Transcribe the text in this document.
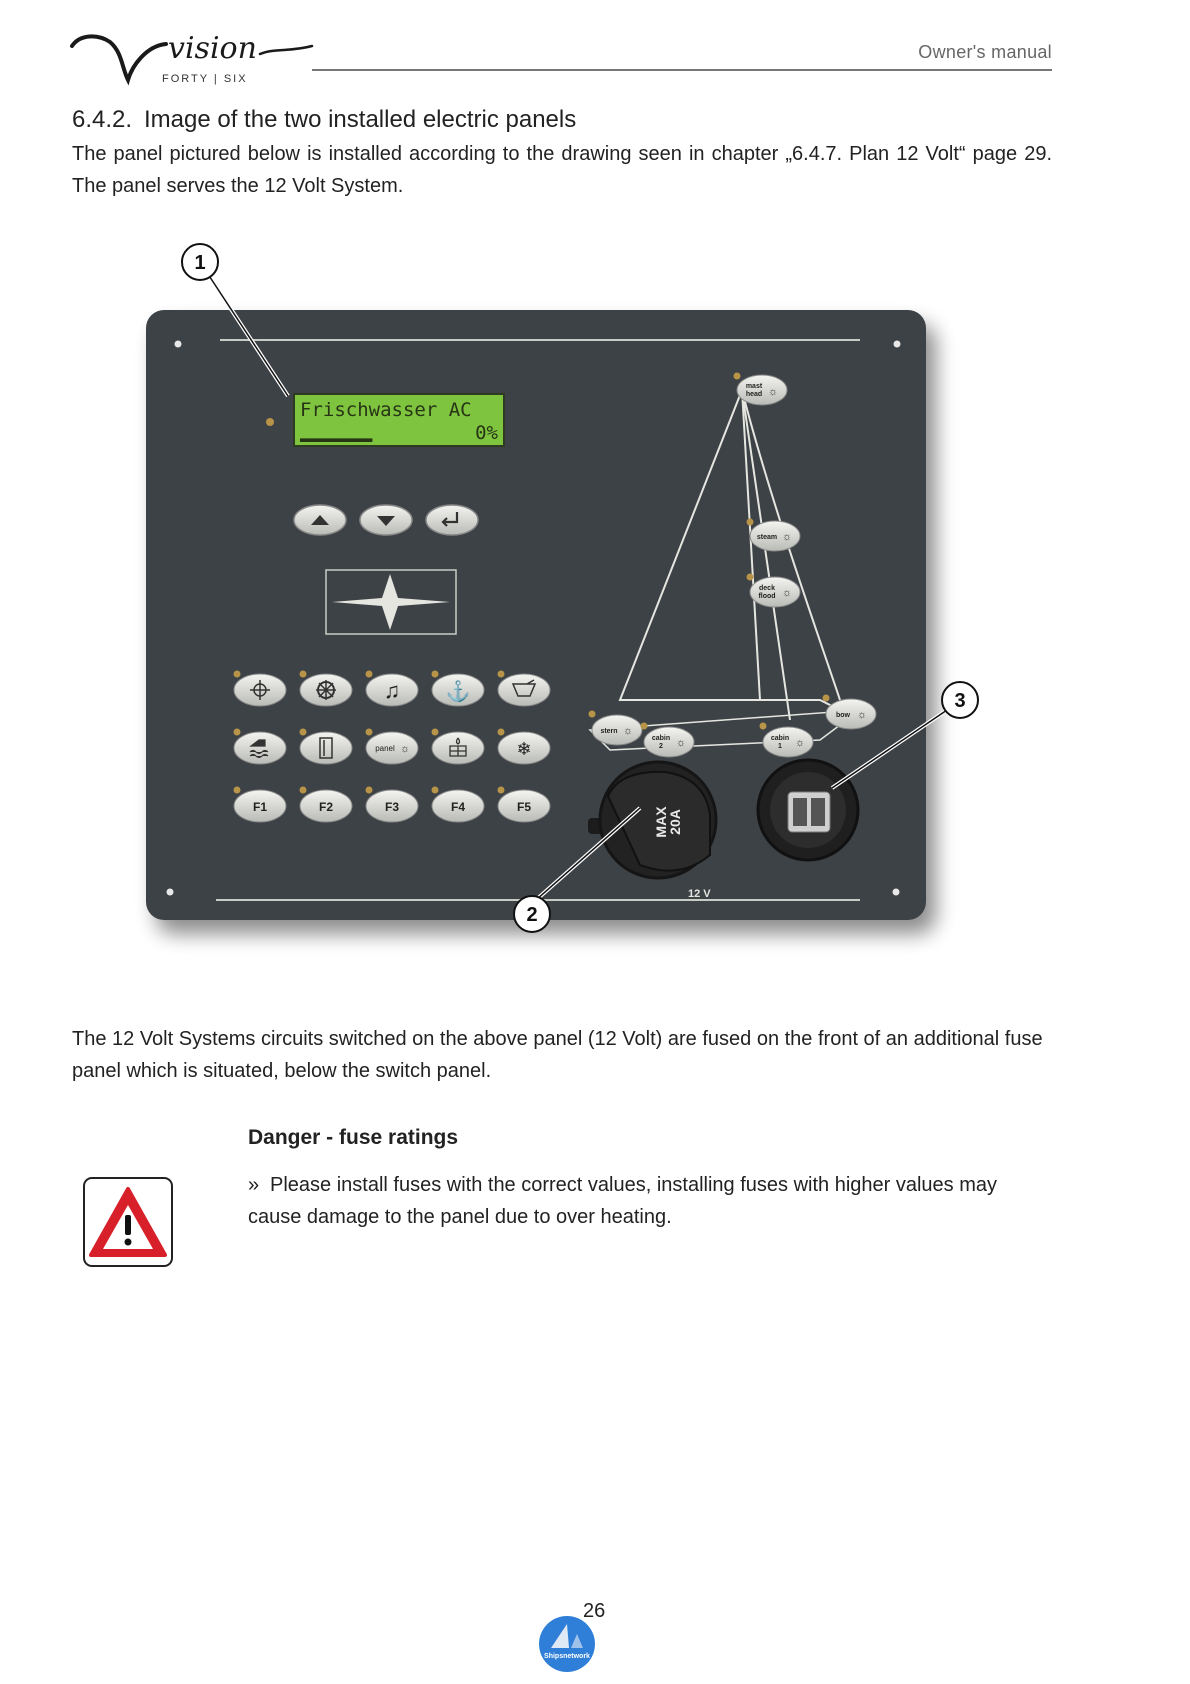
vision
FORTY | SIX
Owner's manual
6.4.2. Image of the two installed electric panels
The panel pictured below is installed according to the drawing seen in chapter „6.4.7. Plan 12 Volt“ page 29. The panel serves the 12 Volt System.
Frischwasser AC
▂▂▂▂▂▂▂▂▂▂	0%
♫ ⚓
panel ☼	❄
F1	F2	F3	F4	F5
mast
head ☼
steam ☼
deck
flood ☼
stern ☼
cabin
2 ☼	cabin
1 ☼
bow ☼
MAX
20A
12 V
1
2
3
The 12 Volt Systems circuits switched on the above panel (12 Volt) are fused on the front of an additional fuse panel which is situated, below the switch panel.
Danger - fuse ratings
» Please install fuses with the correct values, installing fuses with higher values may cause damage to the panel due to over heating.
26
Shipsnetwork
